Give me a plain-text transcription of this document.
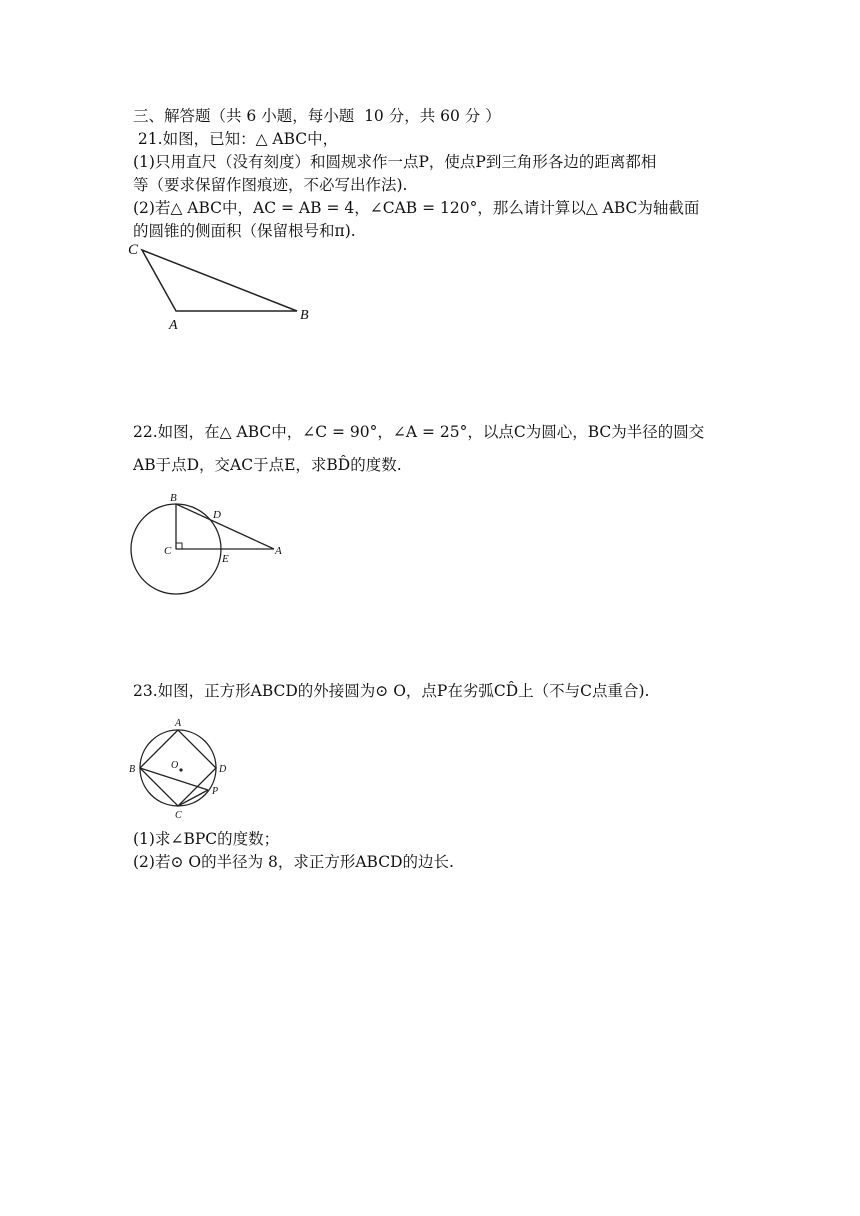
三、解答题（共 6 小题，每小题  10 分，共 60 分 ）
21.如图，已知：△ ABC中，
(1)只用直尺（没有刻度）和圆规求作一点P，使点P到三角形各边的距离都相
等（要求保留作图痕迹，不必写出作法).
(2)若△ ABC中，AC = AB = 4，∠CAB = 120°，那么请计算以△ ABC为轴截面
的圆锥的侧面积（保留根号和π).
C
A
B
22.如图，在△ ABC中，∠C = 90°，∠A = 25°，以点C为圆心，BC为半径的圆交
AB于点D，交AC于点E，求BD̂的度数.
B
D
C
E
A
23.如图，正方形ABCD的外接圆为⊙ O，点P在劣弧CD̂上（不与C点重合).
A
B
C
D
O
P
(1)求∠BPC的度数；
(2)若⊙ O的半径为 8，求正方形ABCD的边长.
